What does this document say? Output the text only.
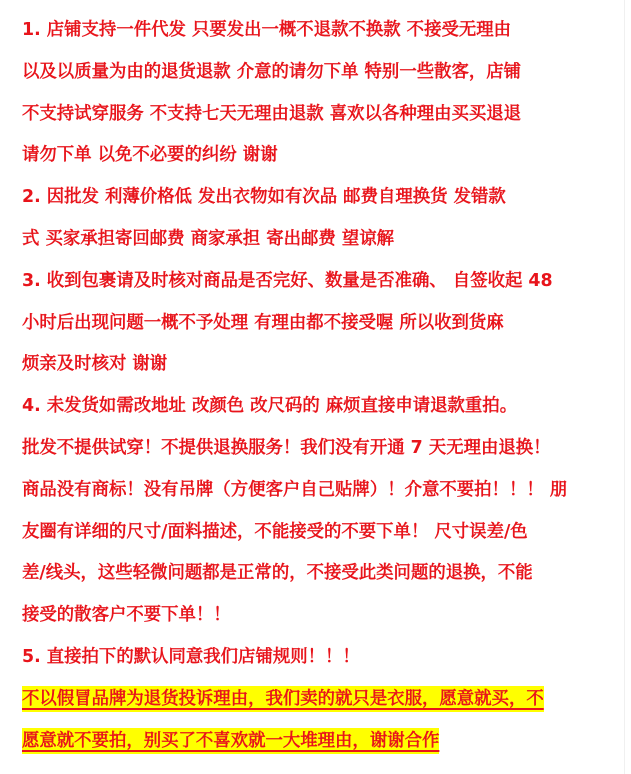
1. 店铺支持一件代发 只要发出一概不退款不换款 不接受无理由
以及以质量为由的退货退款 介意的请勿下单 特别一些散客，店铺
不支持试穿服务 不支持七天无理由退款 喜欢以各种理由买买退退
请勿下单 以免不必要的纠纷 谢谢
2. 因批发 利薄价格低 发出衣物如有次品 邮费自理换货 发错款
式 买家承担寄回邮费 商家承担 寄出邮费 望谅解
3. 收到包裹请及时核对商品是否完好、数量是否准确、 自签收起 48
小时后出现问题一概不予处理 有理由都不接受喔 所以收到货麻
烦亲及时核对 谢谢
4. 未发货如需改地址 改颜色 改尺码的 麻烦直接申请退款重拍。
批发不提供试穿！不提供退换服务！我们没有开通 7 天无理由退换！
商品没有商标！没有吊牌（方便客户自己贴牌）！介意不要拍！！！ 朋
友圈有详细的尺寸/面料描述，不能接受的不要下单！ 尺寸误差/色
差/线头，这些轻微问题都是正常的，不接受此类问题的退换，不能
接受的散客户不要下单！！
5. 直接拍下的默认同意我们店铺规则！！！
不以假冒品牌为退货投诉理由，我们卖的就只是衣服，愿意就买，不
愿意就不要拍，别买了不喜欢就一大堆理由，谢谢合作
